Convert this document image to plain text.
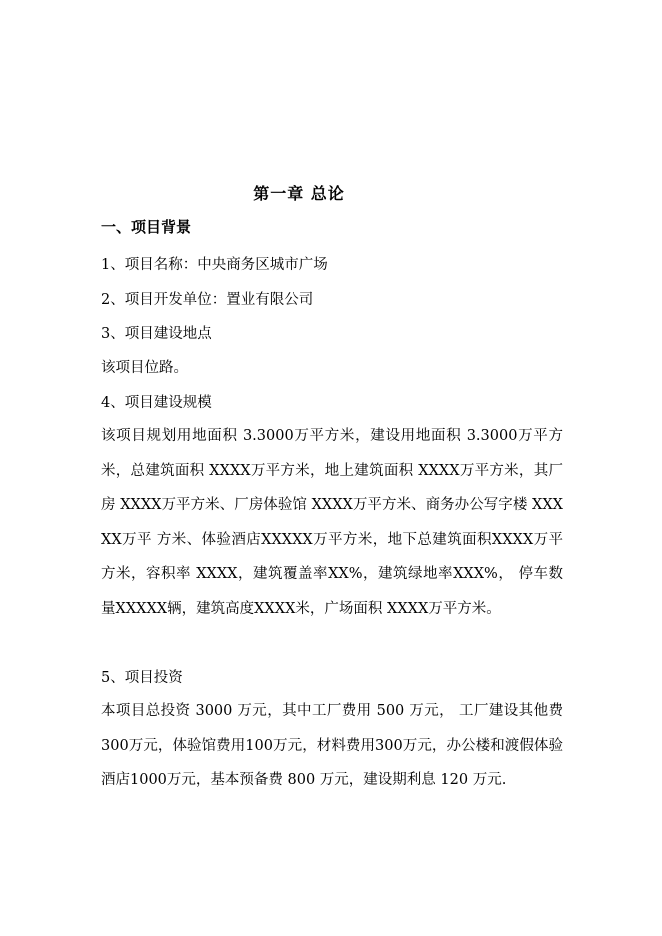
第一章 总论
一、项目背景
1、项目名称：中央商务区城市广场
2、项目开发单位：置业有限公司
3、项目建设地点
该项目位路。
4、项目建设规模
该项目规划用地面积 3.3000万平方米，建设用地面积 3.3000万平方米，总建筑面积 XXXX万平方米，地上建筑面积 XXXX万平方米，其厂房 XXXX万平方米、厂房体验馆 XXXX万平方米、商务办公写字楼 XXXXX万平 方米、体验酒店XXXXX万平方米，地下总建筑面积XXXX万平方米，容积率 XXXX，建筑覆盖率XX%，建筑绿地率XXX%， 停车数量XXXXX辆，建筑高度XXXX米，广场面积 XXXX万平方米。
5、项目投资
本项目总投资 3000 万元，其中工厂费用 500 万元， 工厂建设其他费 300万元，体验馆费用100万元，材料费用300万元，办公楼和渡假体验酒店1000万元，基本预备费 800 万元，建设期利息 120 万元.
